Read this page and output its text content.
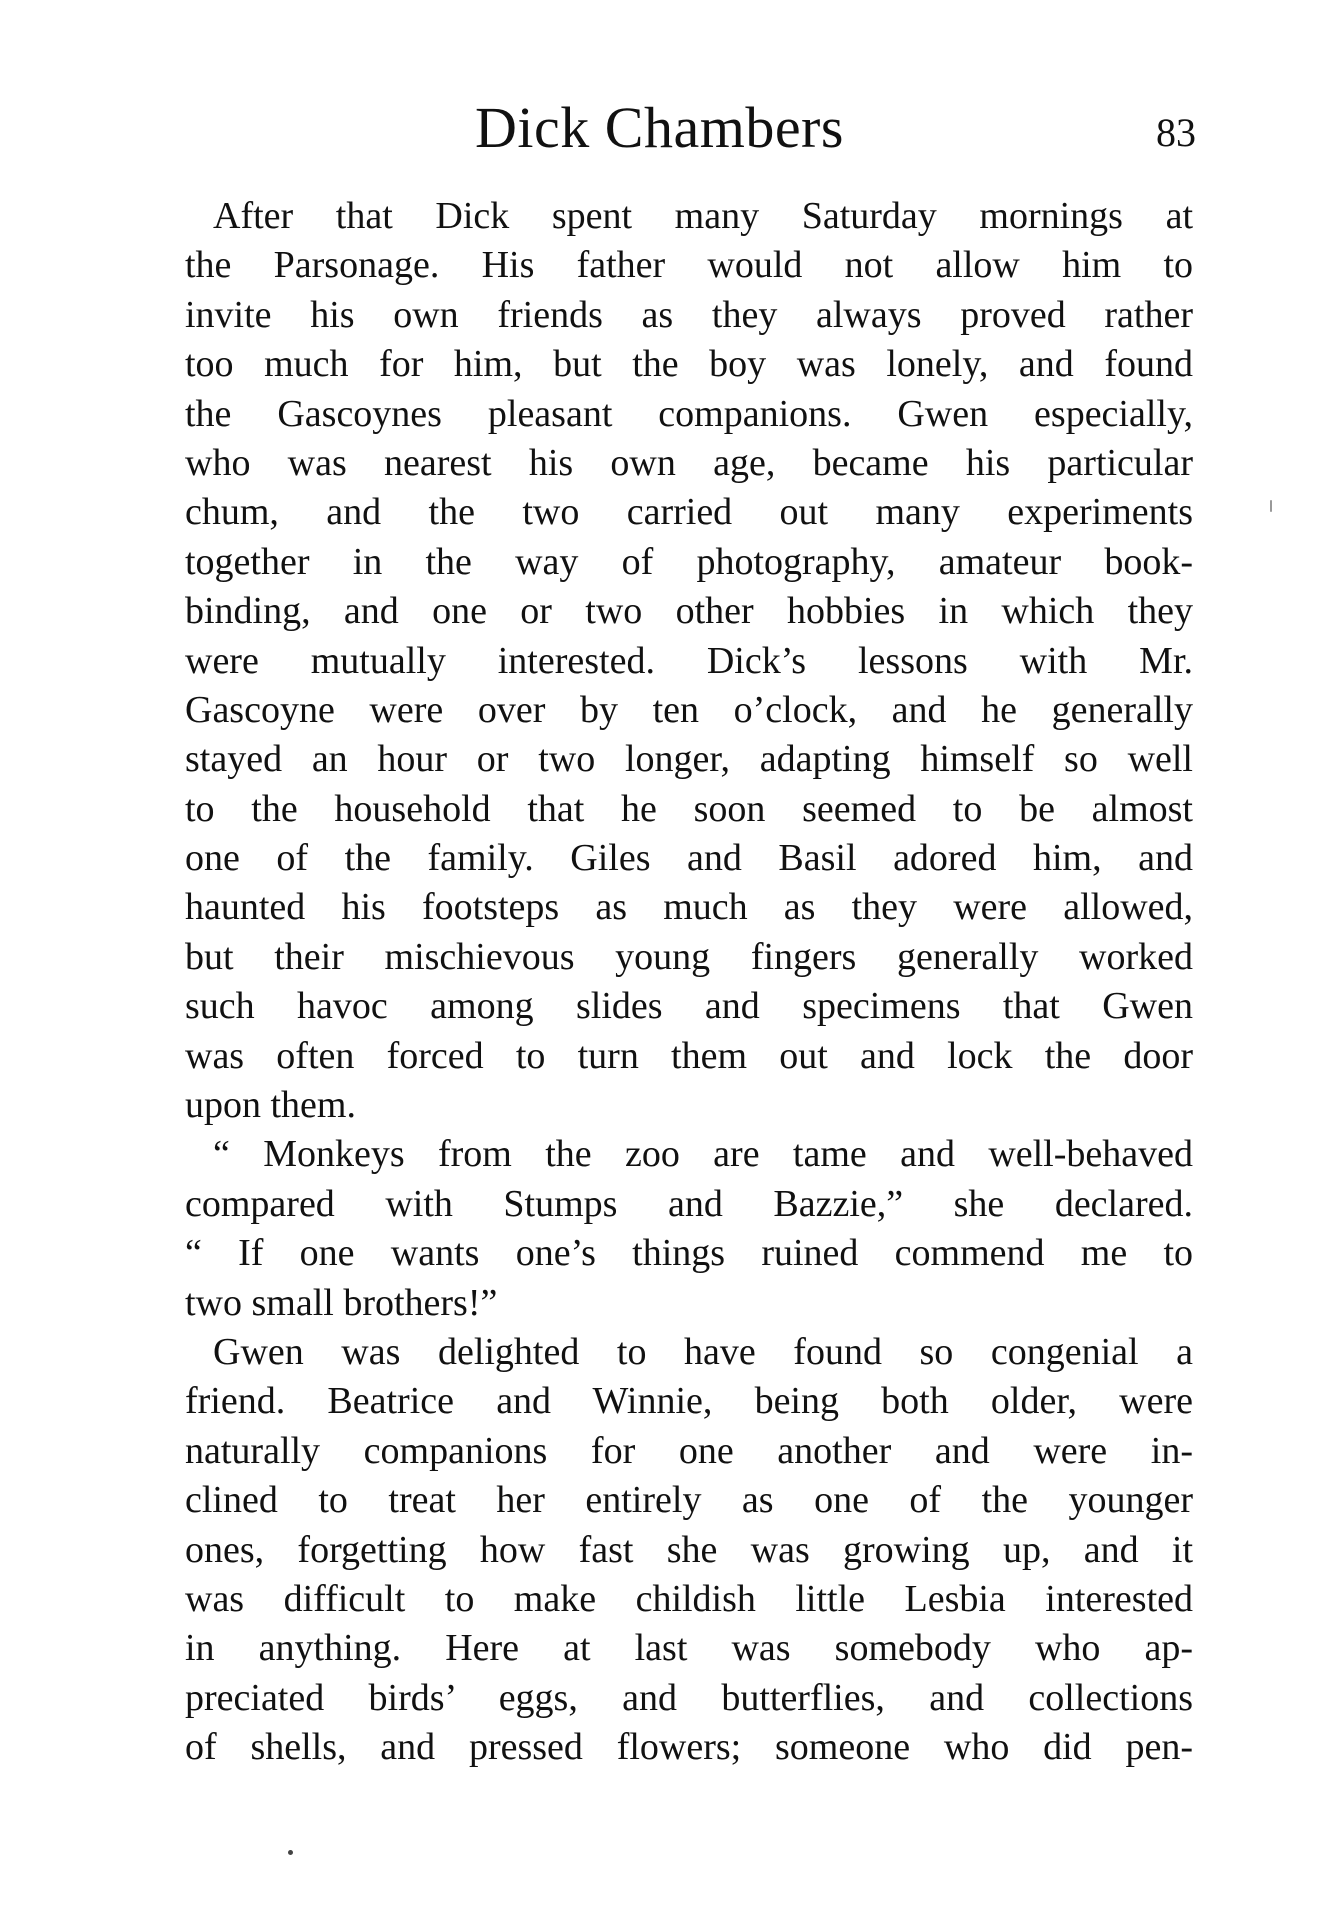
Dick Chambers	83
After that Dick spent many Saturday mornings at
the Parsonage. His father would not allow him to
invite his own friends as they always proved rather
too much for him, but the boy was lonely, and found
the Gascoynes pleasant companions. Gwen especially,
who was nearest his own age, became his particular
chum, and the two carried out many experiments
together in the way of photography, amateur book-
binding, and one or two other hobbies in which they
were mutually interested. Dick’s lessons with Mr.
Gascoyne were over by ten o’clock, and he generally
stayed an hour or two longer, adapting himself so well
to the household that he soon seemed to be almost
one of the family. Giles and Basil adored him, and
haunted his footsteps as much as they were allowed,
but their mischievous young fingers generally worked
such havoc among slides and specimens that Gwen
was often forced to turn them out and lock the door
upon them.
“ Monkeys from the zoo are tame and well-behaved
compared with Stumps and Bazzie,” she declared.
“ If one wants one’s things ruined commend me to
two small brothers!”
Gwen was delighted to have found so congenial a
friend. Beatrice and Winnie, being both older, were
naturally companions for one another and were in-
clined to treat her entirely as one of the younger
ones, forgetting how fast she was growing up, and it
was difficult to make childish little Lesbia interested
in anything. Here at last was somebody who ap-
preciated birds’ eggs, and butterflies, and collections
of shells, and pressed flowers; someone who did pen-
